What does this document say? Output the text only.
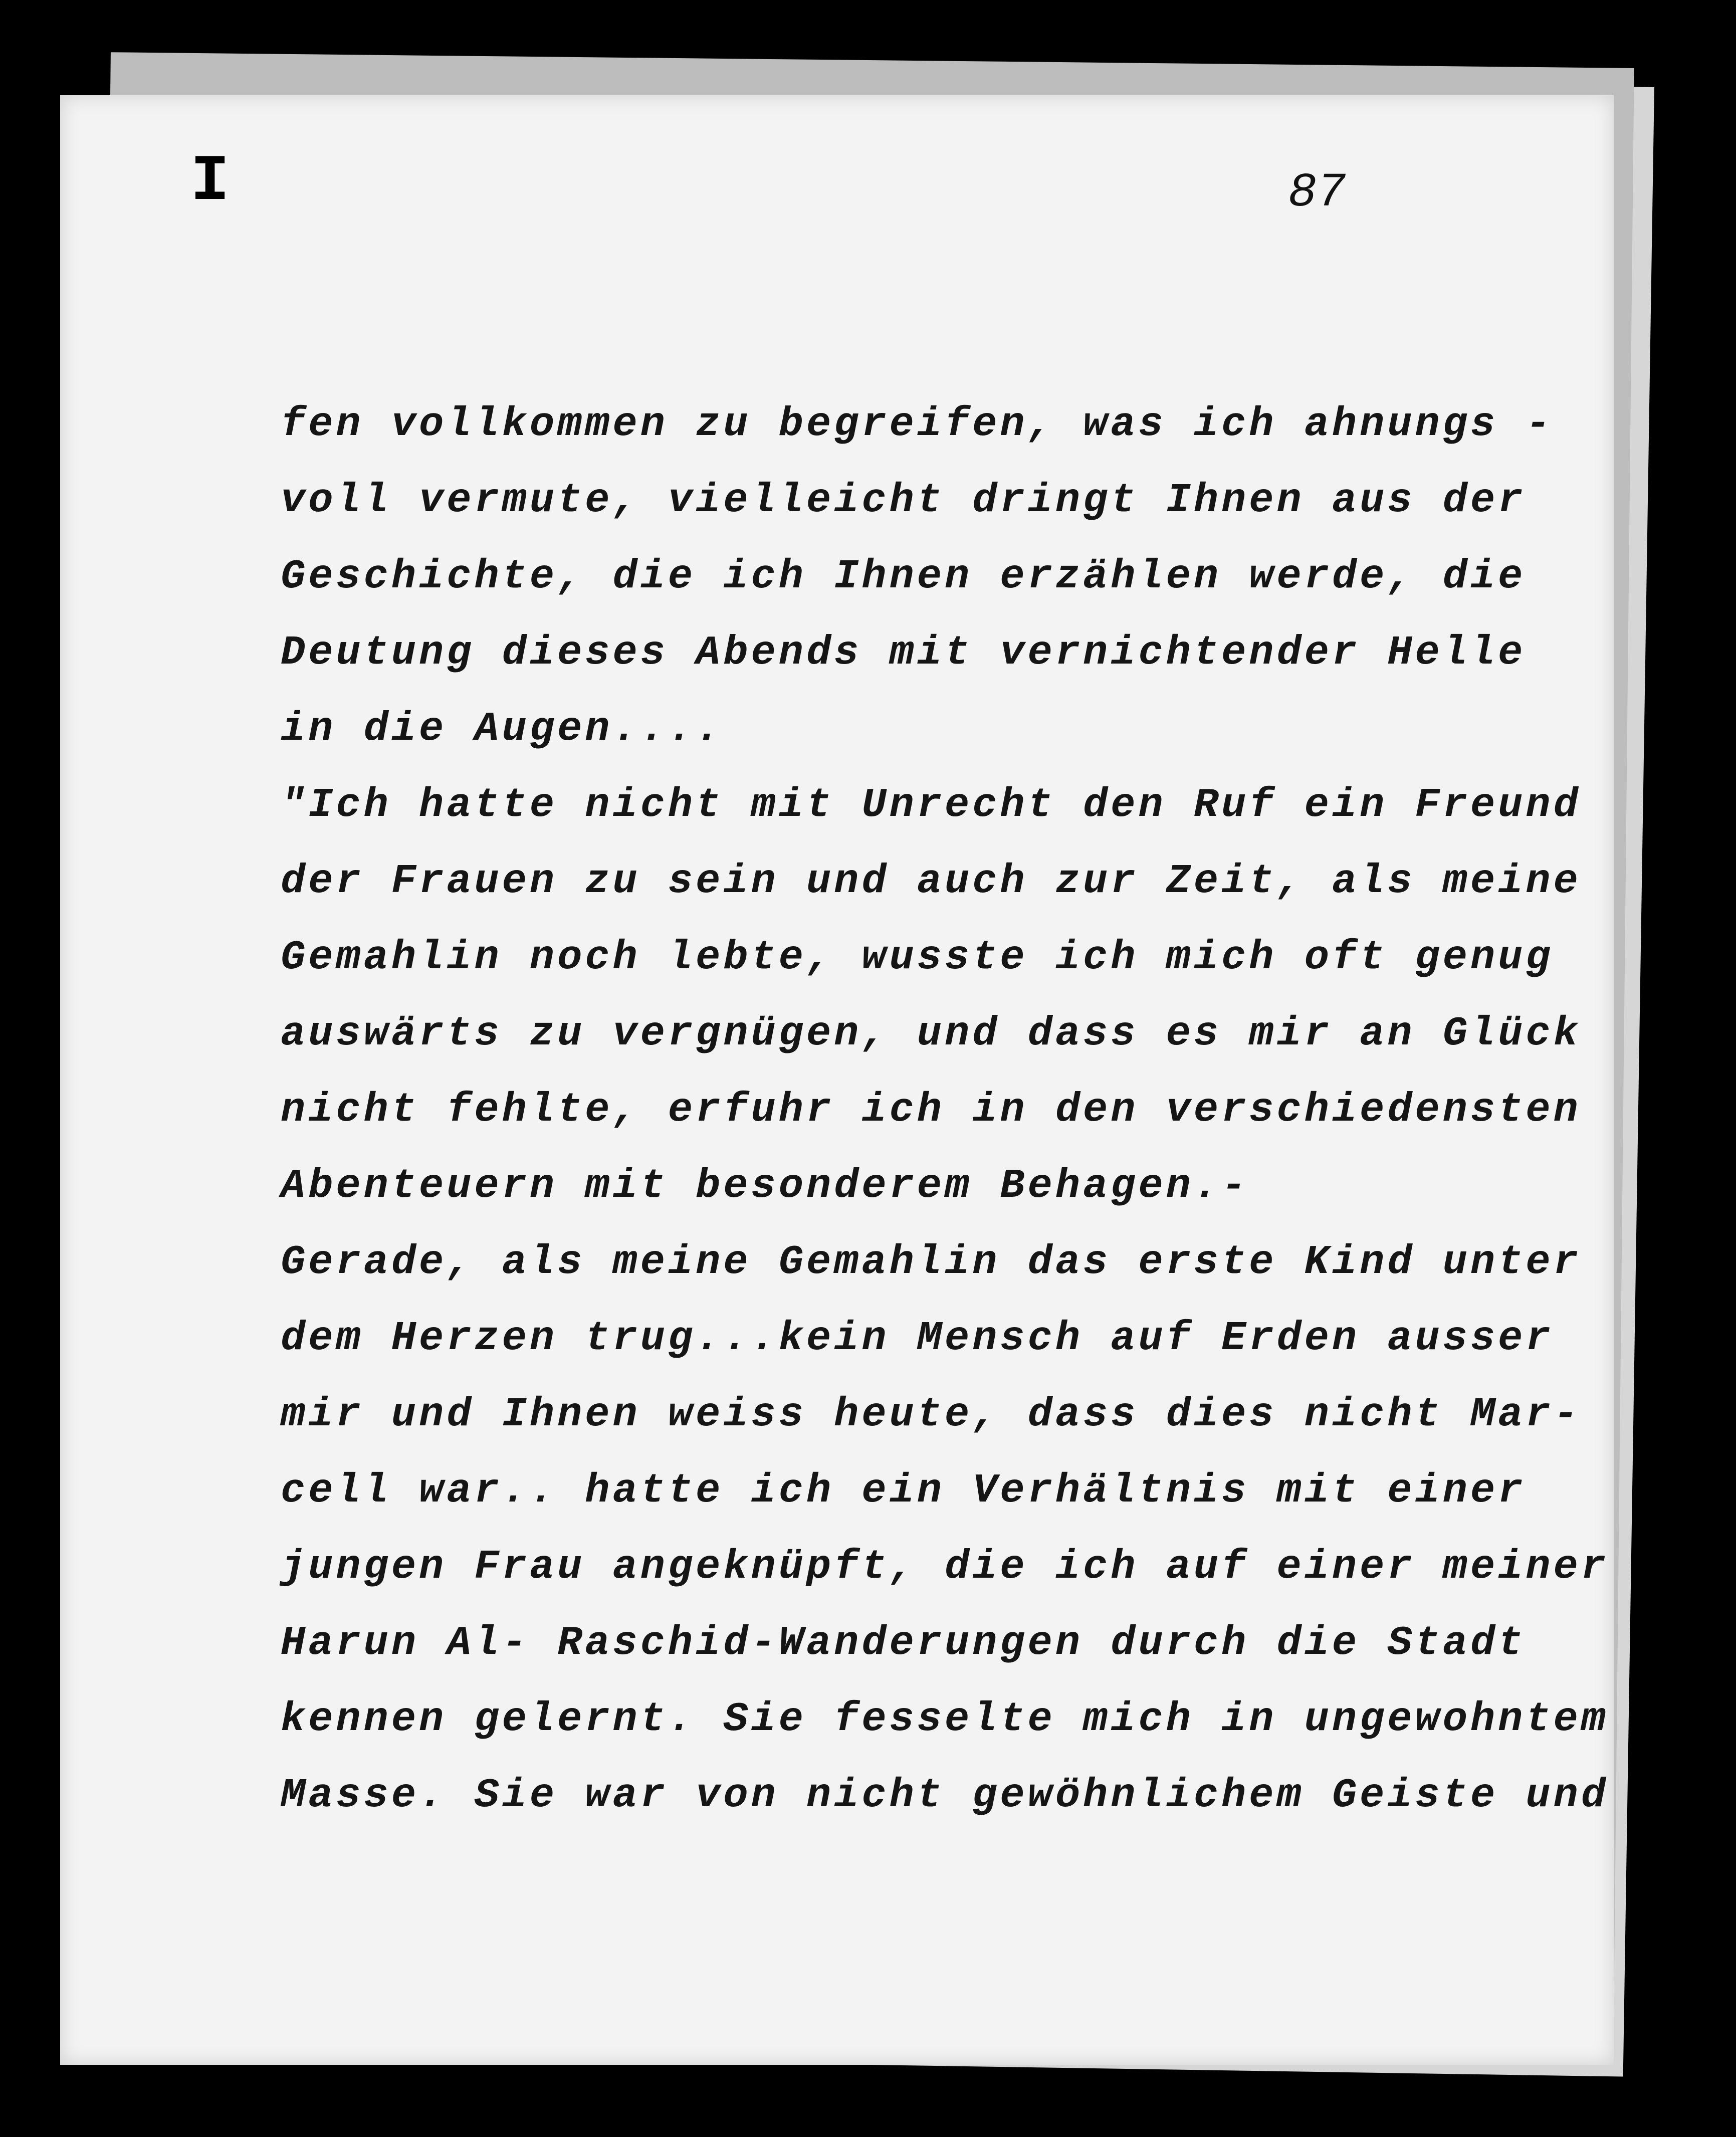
I	87
fen vollkommen zu begreifen, was ich ahnungs -
voll vermute, vielleicht dringt Ihnen aus der
Geschichte, die ich Ihnen erzählen werde, die
Deutung dieses Abends mit vernichtender Helle
in die Augen....
"Ich hatte nicht mit Unrecht den Ruf ein Freund
der Frauen zu sein und auch zur Zeit, als meine
Gemahlin noch lebte, wusste ich mich oft genug
auswärts zu vergnügen, und dass es mir an Glück
nicht fehlte, erfuhr ich in den verschiedensten
Abenteuern mit besonderem Behagen.-
Gerade, als meine Gemahlin das erste Kind unter
dem Herzen trug...kein Mensch auf Erden ausser
mir und Ihnen weiss heute, dass dies nicht Mar-
cell war.. hatte ich ein Verhältnis mit einer
jungen Frau angeknüpft, die ich auf einer meiner
Harun Al- Raschid-Wanderungen durch die Stadt
kennen gelernt. Sie fesselte mich in ungewohntem
Masse. Sie war von nicht gewöhnlichem Geiste und
